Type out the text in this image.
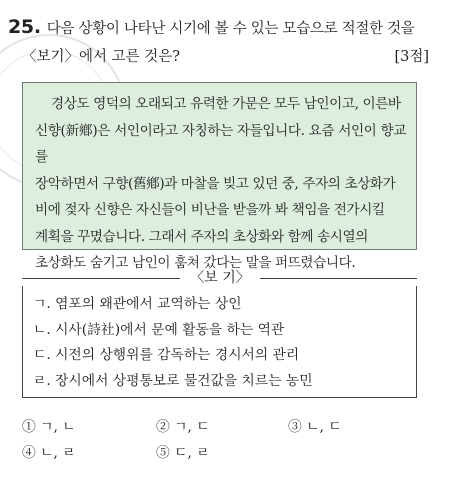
25. 다음 상황이 나타난 시기에 볼 수 있는 모습으로 적절한 것을
〈보기〉에서 고른 것은?	[3점]

경상도 영덕의 오래되고 유력한 가문은 모두 남인이고, 이른바

신향(新鄕)은 서인이라고 자칭하는 자들입니다. 요즘 서인이 향교를

장악하면서 구향(舊鄕)과 마찰을 빚고 있던 중, 주자의 초상화가

비에 젖자 신향은 자신들이 비난을 받을까 봐 책임을 전가시킬

계획을 꾸몄습니다. 그래서 주자의 초상화와 함께 송시열의

초상화도 숨기고 남인이 훔쳐 갔다는 말을 퍼뜨렸습니다.

〈보 기〉
ㄱ. 염포의 왜관에서 교역하는 상인
ㄴ. 시사(詩社)에서 문예 활동을 하는 역관
ㄷ. 시전의 상행위를 감독하는 경시서의 관리
ㄹ. 장시에서 상평통보로 물건값을 치르는 농민
① ㄱ, ㄴ	② ㄱ, ㄷ	③ ㄴ, ㄷ
④ ㄴ, ㄹ	⑤ ㄷ, ㄹ
